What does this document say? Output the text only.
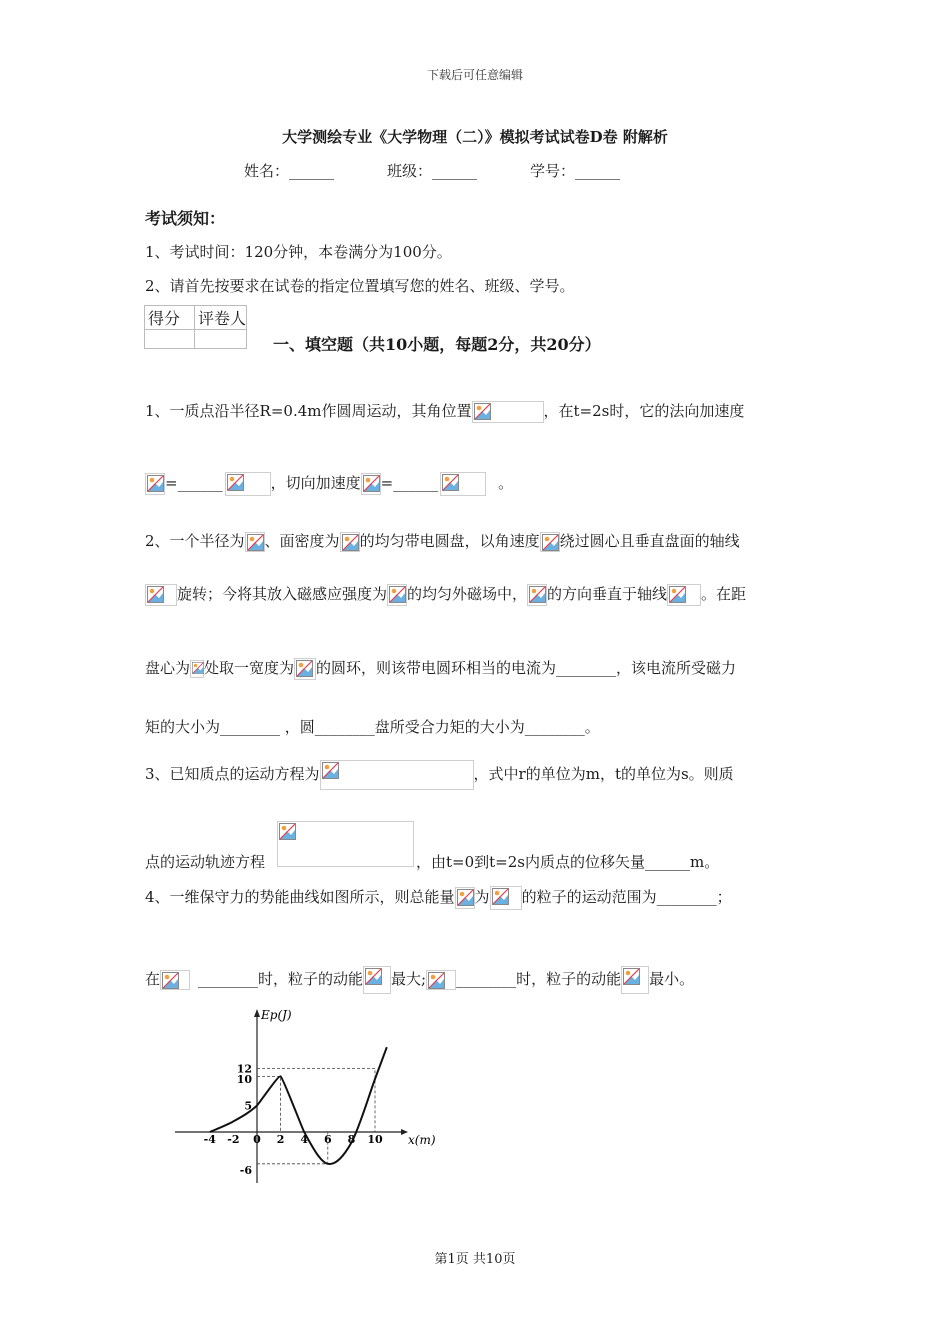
下载后可任意编辑
大学测绘专业《大学物理（二）》模拟考试试卷D卷 附解析
姓名：______	班级：______	学号：______
考试须知：
1、考试时间：120分钟，本卷满分为100分。
2、请首先按要求在试卷的指定位置填写您的姓名、班级、学号。
得分	评卷人

一、填空题（共10小题，每题2分，共20分）
1、一质点沿半径R=0.4m作圆周运动，其角位置	，在t=2s时，它的法向加速度
=______	，切向加速度 =______	。
2、一个半径为 、面密度为 的均匀带电圆盘，以角速度 绕过圆心且垂直盘面的轴线
旋转；今将其放入磁感应强度为 的均匀外磁场中， 的方向垂直于轴线 。在距
盘心为 处取一宽度为 的圆环，则该带电圆环相当的电流为________，该电流所受磁力
矩的大小为________ ，圆________盘所受合力矩的大小为________。
3、已知质点的运动方程为	，式中r的单位为m，t的单位为s。则质
点的运动轨迹方程	，由t=0到t=2s内质点的位移矢量______m。
4、一维保守力的势能曲线如图所示，则总能量 为 的粒子的运动范围为________；
在	________时，粒子的动能 最大; ________时，粒子的动能 最小。
-4 -2 0 2 4 6 8 10
12
10
5
-6
Ep(J)
x(m)
第1页 共10页
